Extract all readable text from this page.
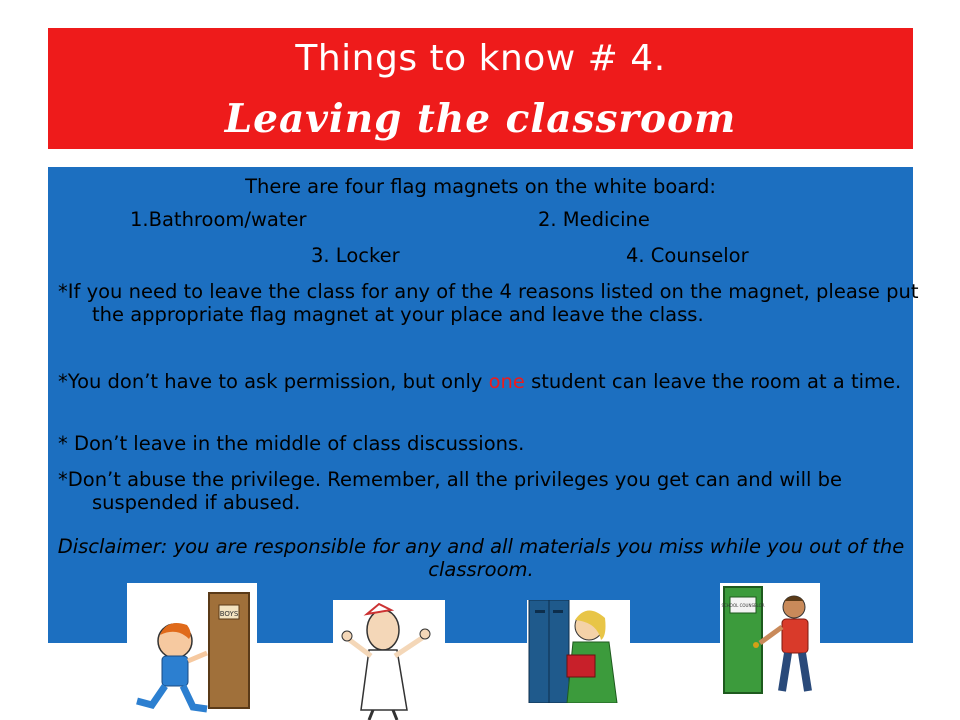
Things to know # 4.
Leaving the classroom
There are four flag magnets on the white board:
1.Bathroom/water	2. Medicine
3. Locker	4. Counselor
*If you need to leave the class for any of the 4 reasons listed on the magnet, please put the appropriate flag magnet at your place and leave the class.
*You don’t have to ask permission, but only one student can leave the room at a time.
* Don’t leave in the middle of class discussions.
*Don’t abuse the privilege. Remember, all the privileges you get can and will be suspended if abused.
Disclaimer: you are responsible for any and all materials you miss while you out of the classroom.
BOYS
SCHOOL COUNSELOR
